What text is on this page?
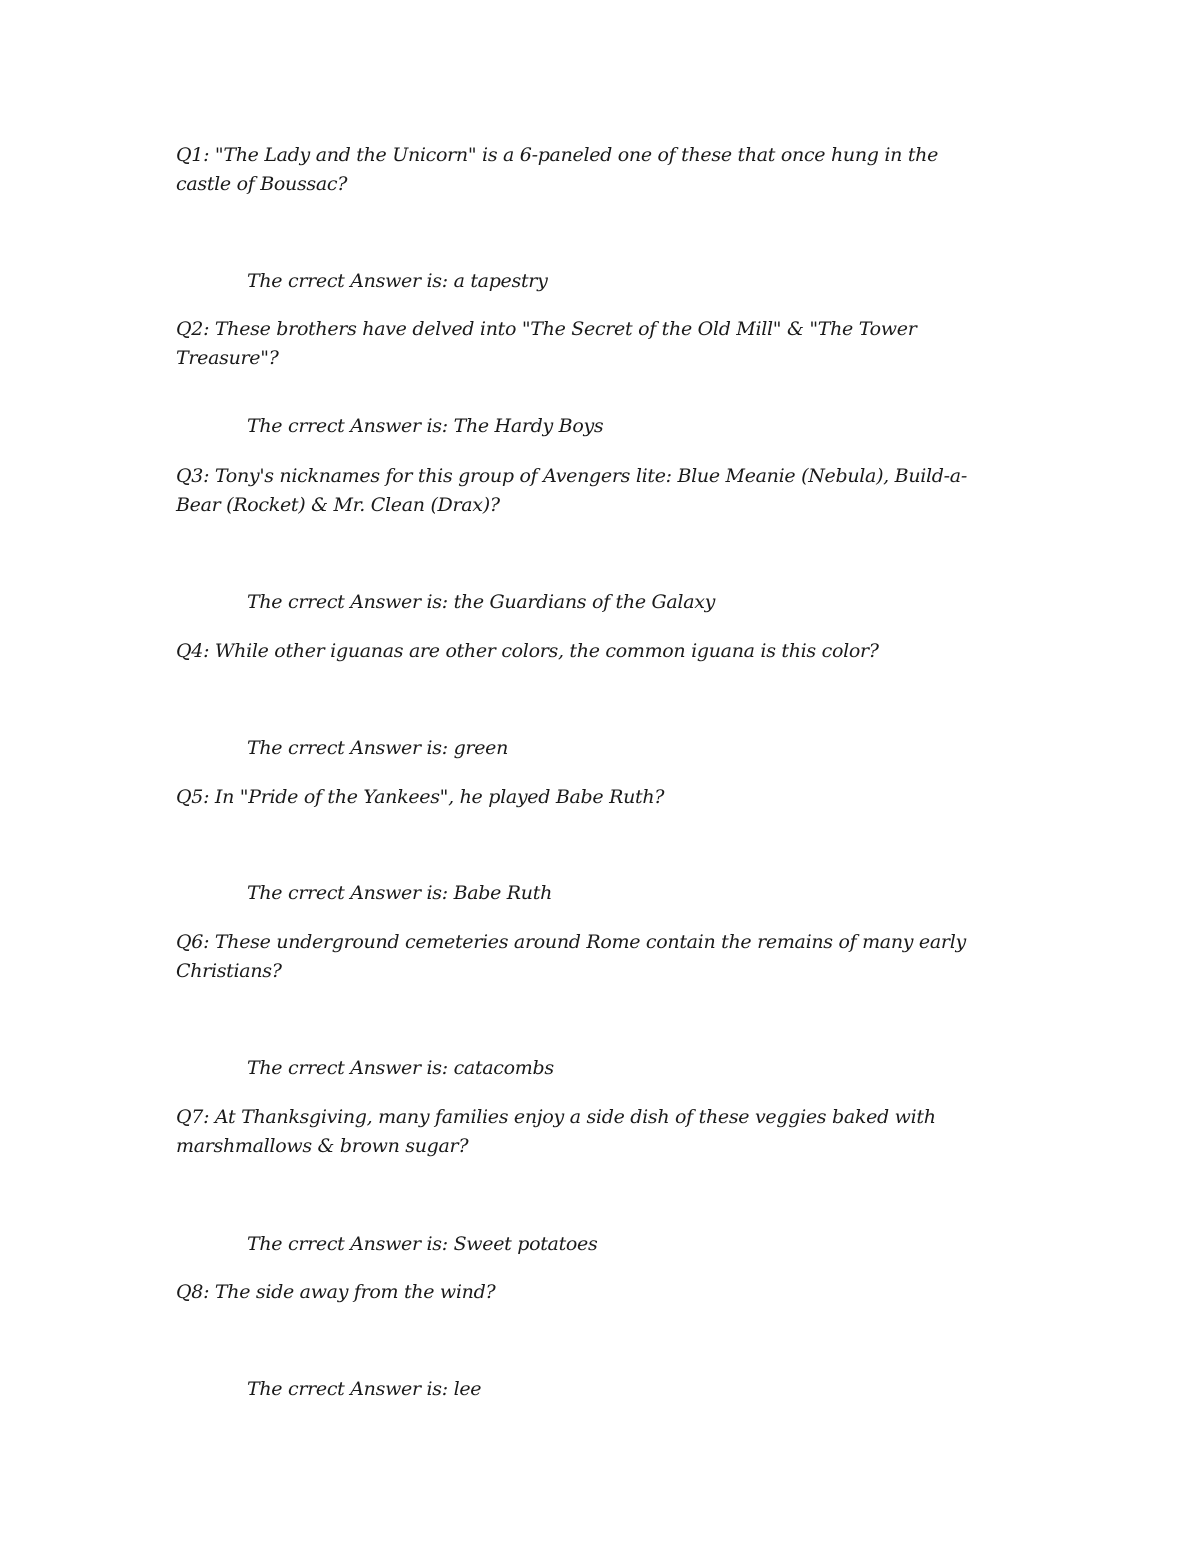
Q1: "The Lady and the Unicorn" is a 6-paneled one of these that once hung in the castle of Boussac?

The crrect Answer is: a tapestry

Q2: These brothers have delved into "The Secret of the Old Mill" & "The Tower Treasure"?

The crrect Answer is: The Hardy Boys

Q3: Tony's nicknames for this group of Avengers lite: Blue Meanie (Nebula), Build-a-Bear (Rocket) & Mr. Clean (Drax)?

The crrect Answer is: the Guardians of the Galaxy

Q4: While other iguanas are other colors, the common iguana is this color?

The crrect Answer is: green

Q5: In "Pride of the Yankees", he played Babe Ruth?

The crrect Answer is: Babe Ruth

Q6: These underground cemeteries around Rome contain the remains of many early Christians?

The crrect Answer is: catacombs

Q7: At Thanksgiving, many families enjoy a side dish of these veggies baked with marshmallows & brown sugar?

The crrect Answer is: Sweet potatoes

Q8: The side away from the wind?

The crrect Answer is: lee
